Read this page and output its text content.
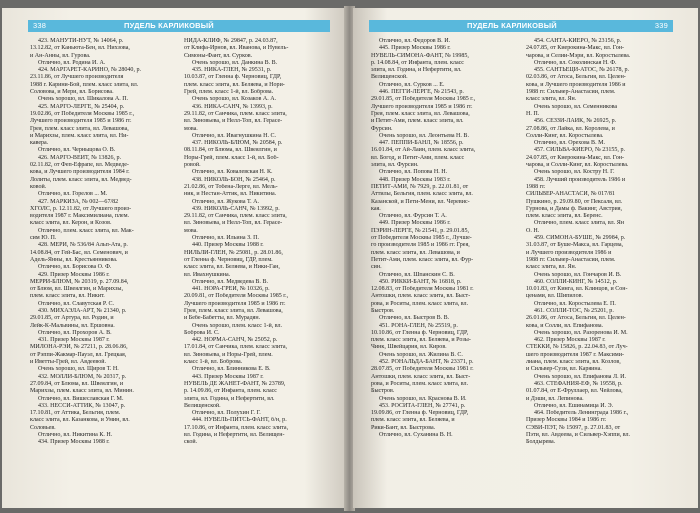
338	ПУДЕЛЬ КАРЛИКОВЫЙ
423. МАНУТИ-НУТ, № 14064, р.
13.12.82, от Каньюта-Бен, вл. Нихзова,
и Ан-Анны, вл. Гурова.
Отлично, вл. Родина И. А.
424. МАРГАРЕТ-КАРИНО, № 28040, р.
23.11.86, от Лучшего производителя
1988 г. Карини-Бой, плем. класс элита, вл.
Соловова, и Мери, вл. Борисова.
Очень хорошо, вл. Шикалова А. П.
425. МАРГО-ЛЕРГЕ, № 25404, р.
19.02.86, от Победителя Москвы 1985 г.,
Лучшего производителя 1985 и 1986 гг.
Грея, плем. класс элита, вл. Левашова,
и Марихзы, плем. класс элита, вл. Ни-
кавера.
Отлично, вл. Черныцова О. В.
426. МАРГО-ВЕЙТ, № 13826, р.
02.11.82, от Феп-Ефрапе, вл. Медведе-
ковa, и Лучшего производителя 1984 г.
Лолиты, плем. класс элита, вл. Медвед-
ковой.
Отлично, вл. Горелов ... М.
427. МАРКИЗА, № 002—67/82
ХГОЛС, р. 12.11.82, от Лучшего произ-
водителя 1987 г. Максимилиана, плем.
класс элита, вл. Керон, и Козов.
Отлично, плем. класс элита, вл. Мак-
сим Ю. П.
428. МЕРИ, № 536/84 Альп-Ата, р.
14.08.84, от Гей-Бас, вл. Семенович, и
Адель-Янны, вл. Крестьянникова.
Отлично, вл. Борисова О. Ф.
429. Призер Москвы 1986 г.
МЕРРИ-БЛЮМ, № 20319, р. 27.09.84,
от Блюм, вл. Швеялгин, и Марихзы,
плем. класс элита, вл. Никит.
Отлично, вл. Славутская Р. С.
430. МИХАЭЛА-АРТ, № 21340, р.
29.01.85, от Артура, вл. Родин, и
Лейк-К-Мальвины, вл. Ершовна.
Отлично, вл. Прохоров А. В.
431. Призер Москвы 1987 г.
МИЛОНА-РЭЙ, № 27211, р. 28.06.86,
от Рэппи-Жакмар-Пауэл, вл. Грецкая,
и Иветты-Грей, вл. Авдеевой.
Очень хорошо, вл. Щиров Т. Н.
432. МОЛЛИ-БЛЮМ, № 20317, р.
27.09.84, от Блюма, вл. Швеялгин, и
Марихзы, плем. класс элита, вл. Минин.
Отлично, вл. Вишеславская Г. М.
433. НЕССИ-АТТИК, № 13047, р.
17.10.81, от Аттика, Бельгия, плем.
класс элита, вл. Казанкова, и Умин, вл.
Соловьев.
Отлично, вл. Никитина К. Н.
434. Призер Москвы 1988 г.
НИДА-КЛИФ, № 29847, р. 24.03.87,
от Клифа-Ирнов, вл. Иванова, и Нувель-
Симоны-Фант, вл. Сурков.
Очень хорошо, вл. Данкина В. В.
435. НИКА-ГЛЕН, № 29531, р.
10.03.87, от Гленна ф. Черновиц, ГДР,
плем. класс элита, вл. Беляева, и Нори-
Грей, плем. класс 1-й, вл. Боброва.
Очень хорошо, вл. Козаков А. А.
436. НИКА-САНЧ, № 13993, р.
29.11.82, от Санчика, плем. класс элита,
вл. Зиновьева, и Нелл-Топ, вл. Герасе-
мова.
Отлично, вл. Ивагнушкина Н. С.
437. НИКОЛЬ-БЛЮМ, № 20584, р.
08.11.84, от Блюма, вл. Швеялгин, и
Норы-Грей, плем. класс 1-й, вл. Боб-
ровой.
Отлично, вл. Ковалевская Н. К.
438. НИКОЛЬ-БОН, № 25464, р.
21.02.86, от Тобена-Лерге, вл. Мель-
ник, и Нестан-Аттик, вл. Никитина.
Отлично, вл. Жукова Т. А.
439. НИКОЛЬ-САНЧ, № 13992, р.
29.11.82, от Санчика, плем. класс элита,
вл. Зиновьева, и Нелл-Топ, вл. Герасе-
мова.
Отлично, вл. Ильина З. П.
440. Призер Москвы 1988 г.
НИЛЬЛИ-ГЛЕН, № 25081, р. 28.01.86,
от Гленна ф. Черновиц, ГДР, плем.
класс элита, вл. Беляева, и Ники-Ган,
вл. Ивахнушкина.
Отлично, вл. Медведева В. В.
441. НОРА-ГРЕЙ, № 10326, р.
20.09.81, от Победителя Москвы 1985 г.,
Лучшего производителя 1985 и 1986 гг.
Грея, плем. класс элита, вл. Левашова,
и Бебе-Бабетты, вл. Мурадян.
Очень хорошо, плем. класс 1-й, вл.
Боброва И. С.
442. НОРМА-САНЧ, № 25052, р.
17.01.84, от Санчика, плем. класс элита,
вл. Зиновьева, и Норы-Грей, плем.
класс 1-й, вл. Боброва.
Отлично, вл. Блинникова Е. В.
443. Призер Москвы 1987 г.
НУВЕЛЬ ДЕ ЖАНЕТ-ФАНТ, № 23789,
р. 14.09.86, от Инфанта, плем. класс
элита, вл. Година, и Нефертити, вл.
Велищенской.
Отлично, вл. Полухин Г. Г.
444. НУВЕЛЬ-ПИТСЬ-ФАНТ, б/н, р.
17.10.86, от Инфанта, плем. класс элита,
вл. Година, и Нефертити, вл. Велищен-
ской.
ПУДЕЛЬ КАРЛИКОВЫЙ	339
Отлично, вл. Федоров В. И.
445. Призер Москвы 1986 г.
НУВЕЛЬ-СИМОНА-ФАНТ, № 19985,
р. 14.08.84, от Инфанта, плем. класс
элита, вл. Година, и Нефертити, вл.
Велищенской.
Отлично, вл. Сурков ... Е.
446. ПЕГГИ-ЛЕРГЕ, № 21543, р.
29.01.85, от Победителя Москвы 1985 г.,
Лучшего производителя 1985 и 1986 гг.
Грея, плем. класс элита, вл. Левашова,
и Петит-Ами, плем. класс элита, вл.
Фурсин.
Очень хорошо, вл. Леонтьева Н. В.
447. ПЕППИ-БАНЛ, № 18556, р.
16.01.84, от Ай-Лаин, плем. класс элита,
вл. Богод, и Петит-Ами, плем. класс
элита, вл. Фурсин.
Отлично, вл. Попова Н. Н.
448. Призер Москвы 1983 г.
ПЕТИТ-АМИ, № 7929, р. 22.01.81, от
Аттилы, Бельгия, плем. класс элита, вл.
Казанской, и Пети-Мени, вл. Черевис-
кая.
Отлично, вл. Фурсин Т. А.
449. Призер Москвы 1986 г.
ПЭРИН-ЛЕРГЕ, № 21541, р. 29.01.85,
от Победителя Москвы 1985 г., Лучше-
го производителя 1985 и 1986 гг. Грея,
плем. класс элита, вл. Левашова, и
Петит-Ами, плем. класс элита, вл. Фур-
син.
Отлично, вл. Шпанскин С. В.
450. РИККИ-БАНТ, № 16818, р.
12.08.83, от Победителя Москвы 1981 г.
Антошки, плем. класс элита, вл. Быст-
рова, и Роситы, плем. класс элита, вл.
Быстров.
Отлично, вл. Быстров В. В.
451. РОНА-ГЛЕН, № 25519, р.
10.10.86, от Гленна ф. Черновиц, ГДР,
плем. класс элита, вл. Беляева, и Розы-
Чинк, Швейцария, вл. Киров.
Очень хорошо, вл. Жилина В. С.
452. РОНАЛЬДА-БАНТ, № 23371, р.
28.07.85, от Победителя Москвы 1981 г.
Антошки, плем. класс элита, вл. Быст-
рова, и Роситы, плем. класс элита, вл.
Быстров.
Очень хорошо, вл. Краснова В. И.
453. РОСИТА-ГЛЕН, № 27741, р.
19.09.86, от Гленна ф. Черновиц, ГДР,
плем. класс элита, вл. Беляева, и
Рики-Бант, вл. Быстрова.
Отлично, вл. Суханина В. Н.
454. САНТА-КИЕРО, № 23156, р.
24.07.85, от Киерокина-Макс, вл. Гон-
чарова, и Селии-Мэри, вл. Коростылева.
Отлично, вл. Соколинская Н. Ф.
455. САНТЬЕЦИ-АТОС, № 26178, р.
02.03.86, от Атоса, Бельгия, вл. Целен-
ковa, и Лучшего производителя 1986 и
1988 гг. Сильвер-Анастасии, плем.
класс элита, вл. Ян.
Очень хорошо, вл. Семенникова
Н. П.
456. СЕЗЗИ-ЛАЙК, № 26925, р.
27.08.86, от Лайка, вл. Королева, и
Солли-Кинг, вл. Коростылева.
Отлично, вл. Орехова В. М.
457. СИЛЬВА-КИЕРО, № 23155, р.
24.07.85, от Киерокина-Макс, вл. Гон-
чарова, и Солли-Кинг, вл. Коростылева.
Очень хорошо, вл. Костру Н. Г.
458. Лучший производитель 1986 и
1988 гг.
СИЛЬВЕР-АНАСТАСИ, № 017/81
Пушкино, р. 29.09.80, от Пексаля, вл.
Гурнова, и Дамы ф. Вакинг, Австрия,
плем. класс элита, вл. Беренс.
Отлично, плем. класс элита, вл. Ян
О. Н.
459. СИМОНА-БУШЕ, № 29984, р.
31.03.87, от Буше-Макса, вл. Гарцева,
и Лучшего производителя 1986 и
1988 гг. Сильвер-Анастасии, плем.
класс элита, вл. Ян.
Очень хорошо, вл. Гончаров И. В.
460. СОЛЛИ-КИНГ, № 14512, р.
10.01.83, от Кинга, вл. Клинцов, и Сон-
ценами, вл. Шипилов.
Отлично, вл. Коростылева Е. П.
461. СОЛЛИ-ТОС, № 25201, р.
26.01.86, от Атоса, Бельгия, вл. Целен-
ковa, и Солли, вл. Епифанова.
Очень хорошо, вл. Разоренова И. М.
462. Призер Москвы 1987 г.
СТЕККИ, № 15826, р. 22.04.83, от Луч-
шего производителя 1987 г. Максими-
лиана, плем. класс элита, вл. Козлов,
и Сильвер-Сузи, вл. Каряина.
Очень хорошо, вл. Епифанова Л. И.
463. СТЕФАНИЯ-ЕФ, № 19558, р.
01.07.84, от Е-Фруллаер, вл. Чейлова,
и Дэши, вл. Лепинова.
Отлично, вл. Ешинамица И. Э.
464. Победитель Ленинграда 1986 г.,
Призер Москвы 1984 и 1986 гг.
СЭВИ-ПЭТ, № 15097, р. 27.01.83, от
Пэти, вл. Авдеева, и Сильвер-Хэппи, вл.
Болдырева.
